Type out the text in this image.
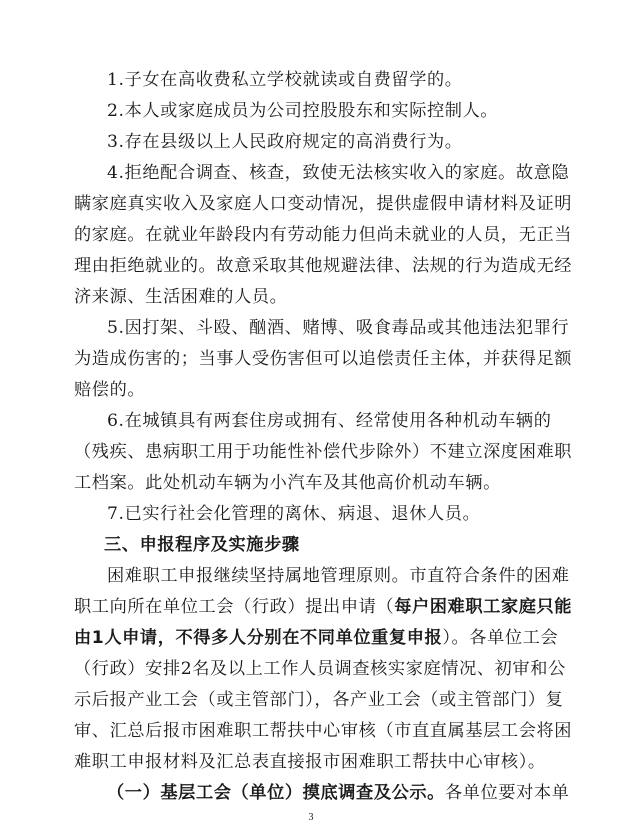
1.子女在高收费私立学校就读或自费留学的。
2.本人或家庭成员为公司控股股东和实际控制人。
3.存在县级以上人民政府规定的高消费行为。
4.拒绝配合调查、核查，致使无法核实收入的家庭。故意隐
瞒家庭真实收入及家庭人口变动情况，提供虚假申请材料及证明
的家庭。在就业年龄段内有劳动能力但尚未就业的人员，无正当
理由拒绝就业的。故意采取其他规避法律、法规的行为造成无经
济来源、生活困难的人员。
5.因打架、斗殴、酗酒、赌博、吸食毒品或其他违法犯罪行
为造成伤害的；当事人受伤害但可以追偿责任主体，并获得足额
赔偿的。
6.在城镇具有两套住房或拥有、经常使用各种机动车辆的
（残疾、患病职工用于功能性补偿代步除外）不建立深度困难职
工档案。此处机动车辆为小汽车及其他高价机动车辆。
7.已实行社会化管理的离休、病退、退休人员。
三、申报程序及实施步骤
困难职工申报继续坚持属地管理原则。市直符合条件的困难
职工向所在单位工会（行政）提出申请（每户困难职工家庭只能
由1人申请，不得多人分别在不同单位重复申报）。各单位工会
（行政）安排2名及以上工作人员调查核实家庭情况、初审和公
示后报产业工会（或主管部门），各产业工会（或主管部门）复
审、汇总后报市困难职工帮扶中心审核（市直直属基层工会将困
难职工申报材料及汇总表直接报市困难职工帮扶中心审核）。
（一）基层工会（单位）摸底调查及公示。各单位要对本单
3
